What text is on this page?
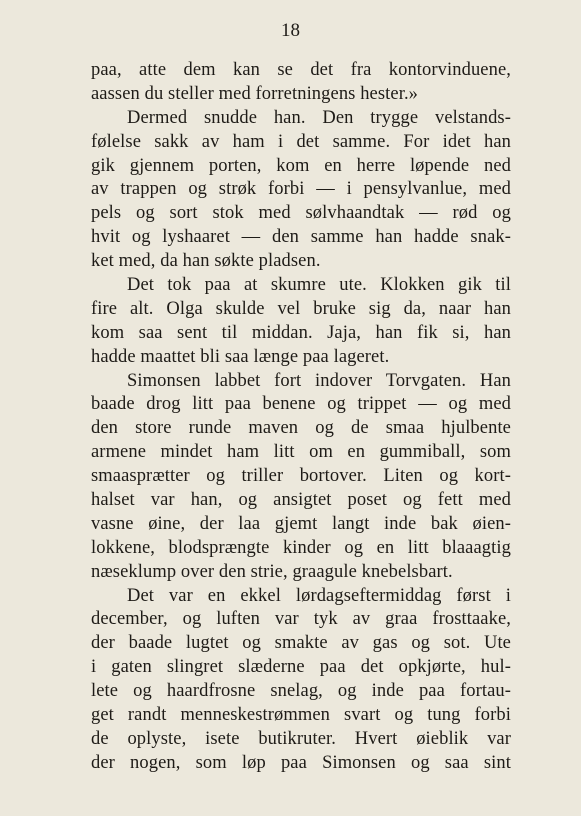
18
paa, atte dem kan se det fra kontorvinduene,
aassen du steller med forretningens hester.»
Dermed snudde han. Den trygge velstands-
følelse sakk av ham i det samme. For idet han
gik gjennem porten, kom en herre løpende ned
av trappen og strøk forbi — i pensylvanlue, med
pels og sort stok med sølvhaandtak — rød og
hvit og lyshaaret — den samme han hadde snak-
ket med, da han søkte pladsen.
Det tok paa at skumre ute. Klokken gik til
fire alt. Olga skulde vel bruke sig da, naar han
kom saa sent til middan. Jaja, han fik si, han
hadde maattet bli saa længe paa lageret.
Simonsen labbet fort indover Torvgaten. Han
baade drog litt paa benene og trippet — og med
den store runde maven og de smaa hjulbente
armene mindet ham litt om en gummiball, som
smaasprætter og triller bortover. Liten og kort-
halset var han, og ansigtet poset og fett med
vasne øine, der laa gjemt langt inde bak øien-
lokkene, blodsprængte kinder og en litt blaaagtig
næseklump over den strie, graagule knebelsbart.
Det var en ekkel lørdagseftermiddag først i
december, og luften var tyk av graa frosttaake,
der baade lugtet og smakte av gas og sot. Ute
i gaten slingret slæderne paa det opkjørte, hul-
lete og haardfrosne snelag, og inde paa fortau-
get randt menneskestrømmen svart og tung forbi
de oplyste, isete butikruter. Hvert øieblik var
der nogen, som løp paa Simonsen og saa sint
